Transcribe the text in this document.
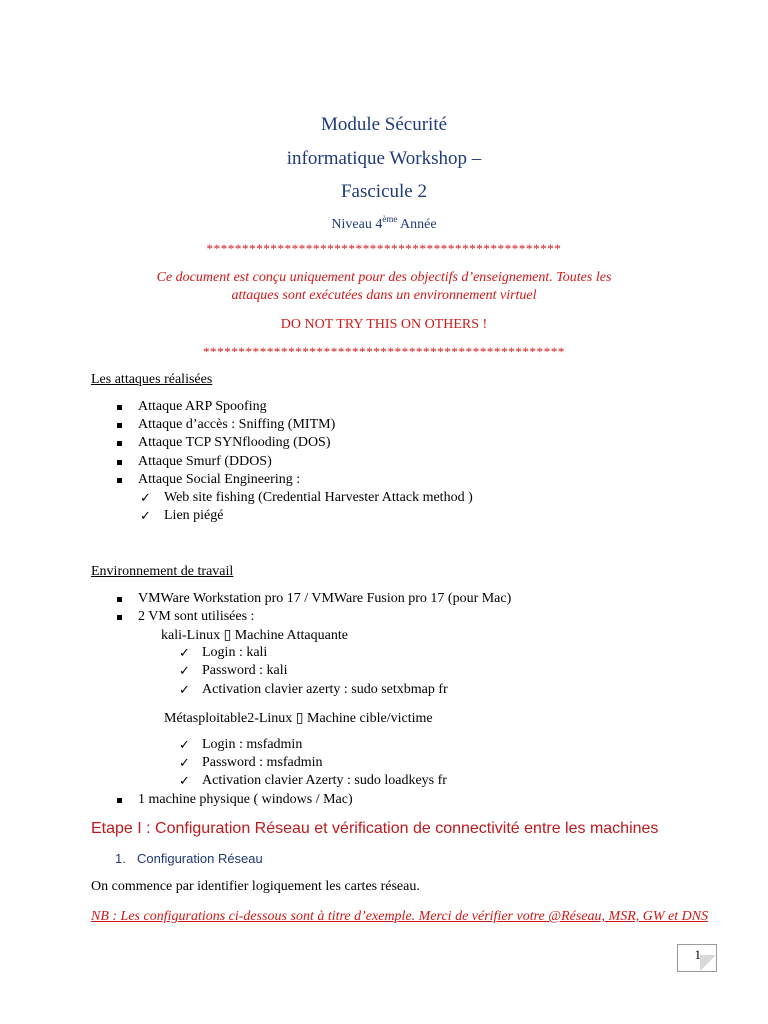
Module Sécurité
informatique Workshop –
Fascicule 2
Niveau 4ème Année
**************************************************
Ce document est conçu uniquement pour des objectifs d’enseignement. Toutes les
attaques sont exécutées dans un environnement virtuel
DO NOT TRY THIS ON OTHERS !
***************************************************
Les attaques réalisées
Attaque ARP Spoofing
Attaque d’accès : Sniffing (MITM)
Attaque TCP SYNflooding (DOS)
Attaque Smurf (DDOS)
Attaque Social Engineering :
✓ Web site fishing (Credential Harvester Attack method )
✓ Lien piégé
Environnement de travail
VMWare Workstation pro 17 / VMWare Fusion pro 17 (pour Mac)
2 VM sont utilisées :
kali-Linux ▯ Machine Attaquante
✓ Login : kali
✓ Password : kali
✓ Activation clavier azerty : sudo setxbmap fr
Métasploitable2-Linux ▯ Machine cible/victime
✓ Login : msfadmin
✓ Password : msfadmin
✓ Activation clavier Azerty : sudo loadkeys fr
1 machine physique ( windows / Mac)
Etape I : Configuration Réseau et vérification de connectivité entre les machines
1. Configuration Réseau
On commence par identifier logiquement les cartes réseau.
NB : Les configurations ci-dessous sont à titre d’exemple. Merci de vérifier votre @Réseau, MSR, GW et DNS
1
